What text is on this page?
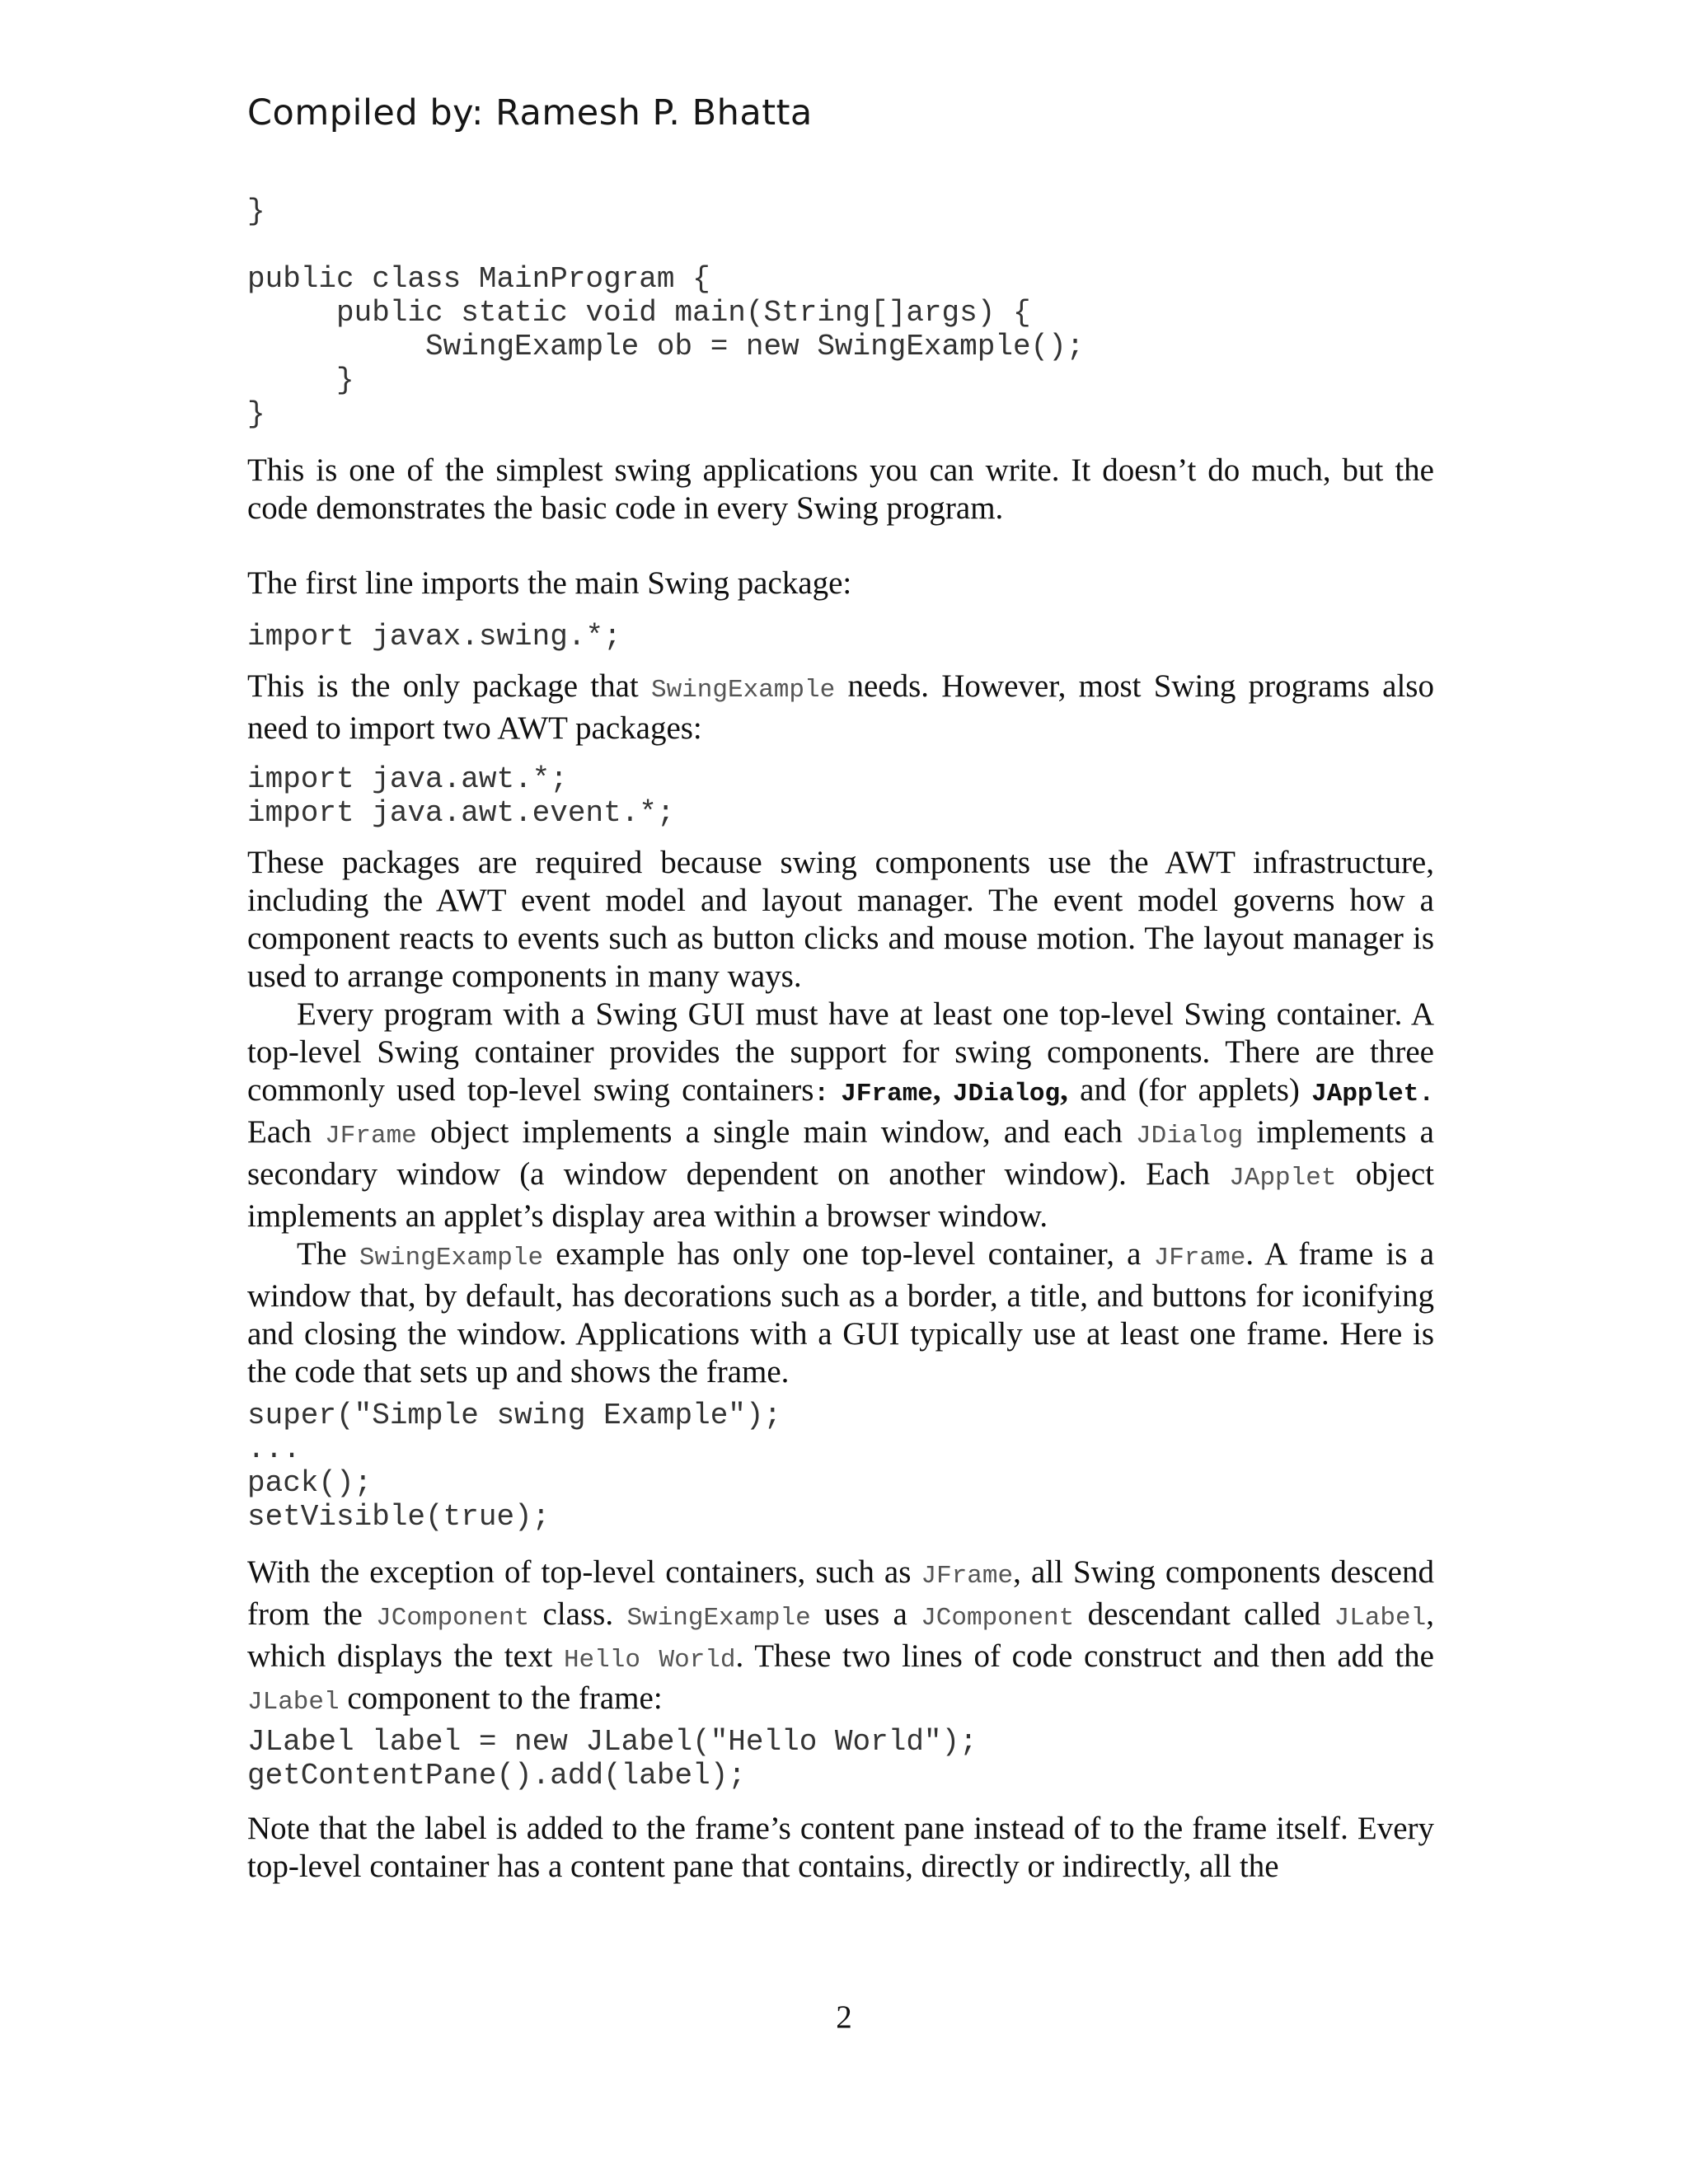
Compiled by: Ramesh P. Bhatta
}

public class MainProgram {
public static void main(String[]args) {
SwingExample ob = new SwingExample();
}
}

This is one of the simplest swing applications you can write. It doesn’t do much, but the code demonstrates the basic code in every Swing program.

The first line imports the main Swing package:

import javax.swing.*;

This is the only package that SwingExample needs. However, most Swing programs also need to import two AWT packages:

import java.awt.*;
import java.awt.event.*;

These packages are required because swing components use the AWT infrastructure, including the AWT event model and layout manager. The event model governs how a component reacts to events such as button clicks and mouse motion. The layout manager is used to arrange components in many ways.

Every program with a Swing GUI must have at least one top-level Swing container. A top-level Swing container provides the support for swing components. There are three commonly used top-level swing containers: JFrame, JDialog, and (for applets) JApplet. Each JFrame object implements a single main window, and each JDialog implements a secondary window (a window dependent on another window). Each JApplet object implements an applet’s display area within a browser window.

The SwingExample example has only one top-level container, a JFrame. A frame is a window that, by default, has decorations such as a border, a title, and buttons for iconifying and closing the window. Applications with a GUI typically use at least one frame. Here is the code that sets up and shows the frame.

super("Simple swing Example");
...
pack();
setVisible(true);

With the exception of top-level containers, such as JFrame, all Swing components descend from the JComponent class. SwingExample uses a JComponent descendant called JLabel, which displays the text Hello World. These two lines of code construct and then add the JLabel component to the frame:

JLabel label = new JLabel("Hello World");
getContentPane().add(label);

Note that the label is added to the frame’s content pane instead of to the frame itself. Every top-level container has a content pane that contains, directly or indirectly, all the

2
